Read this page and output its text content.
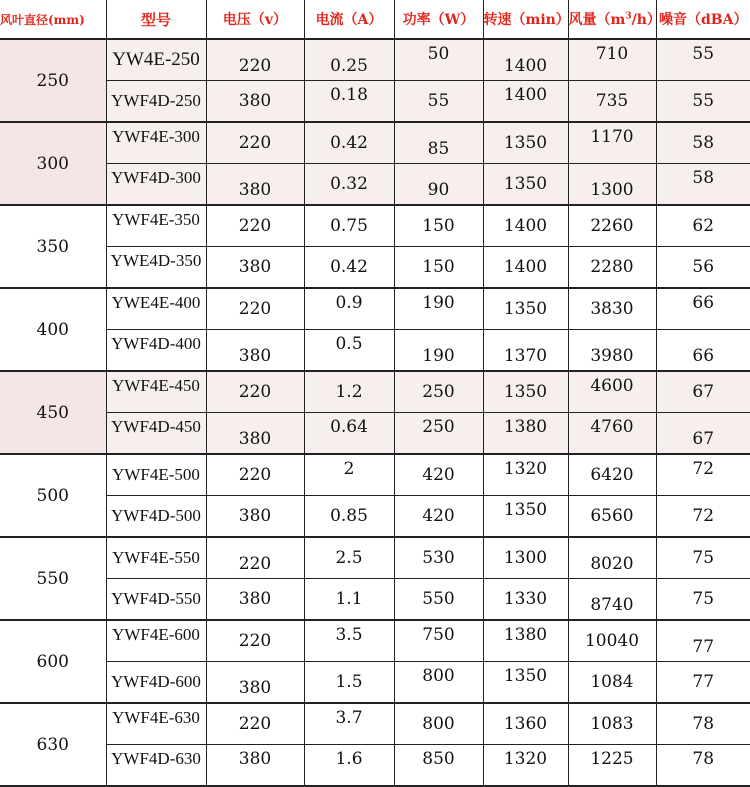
风叶直径(mm)	型号	电压（v）	电流（A）	功率（W）	转速（min）	风量$(m^3/h)$	噪音（dBA）
250	YW4E-250	220	0.25	50	1400	710	55
	YWF4D-250	380	0.18	55	1400	735	55
300	YWF4E-300	220	0.42	85	1350	1170	58
	YWF4D-300	380	0.32	90	1350	1300	58
350	YWF4E-350	220	0.75	150	1400	2260	62
	YWE4D-350	380	0.42	150	1400	2280	56
400	YWE4E-400	220	0.9	190	1350	3830	66
	YWF4D-400	380	0.5	190	1370	3980	66
450	YWF4E-450	220	1.2	250	1350	4600	67
	YWF4D-450	380	0.64	250	1380	4760	67
500	YWF4E-500	220	2	420	1320	6420	72
	YWF4D-500	380	0.85	420	1350	6560	72
550	YWF4E-550	220	2.5	530	1300	8020	75
	YWF4D-550	380	1.1	550	1330	8740	75
600	YWF4E-600	220	3.5	750	1380	10040	77
	YWF4D-600	380	1.5	800	1350	1084	77
630	YWF4E-630	220	3.7	800	1360	1083	78
	YWF4D-630	380	1.6	850	1320	1225	78
